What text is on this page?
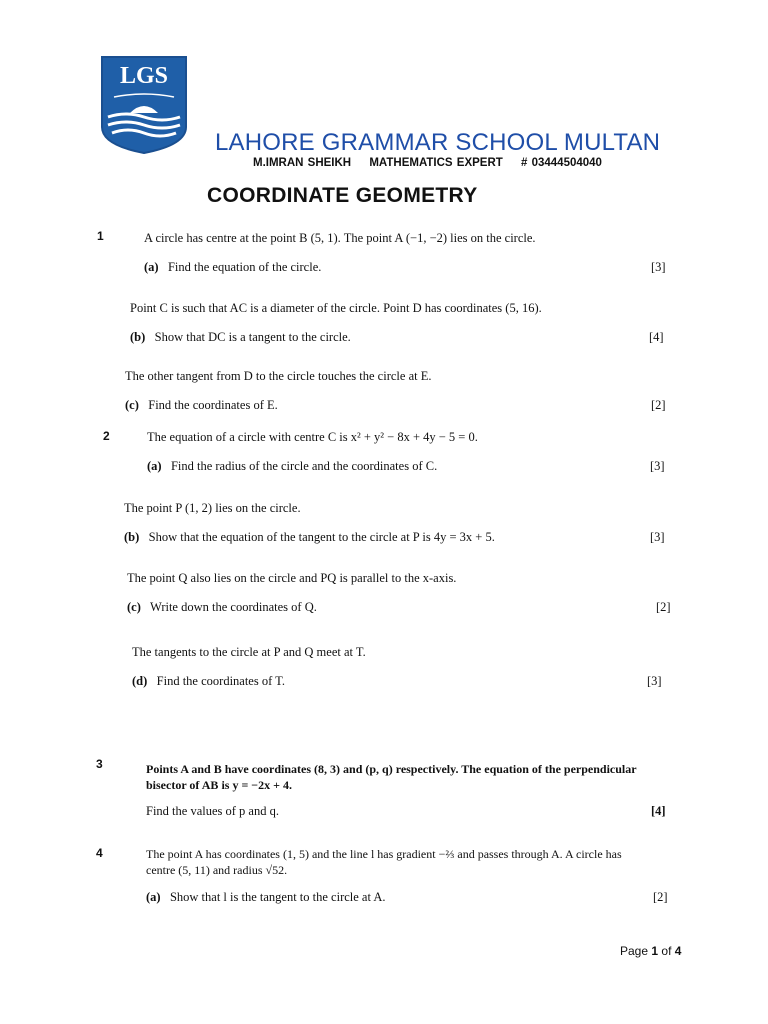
LGS
LAHORE GRAMMAR SCHOOL MULTAN
M.IMRAN SHEIKH MATHEMATICS EXPERT # 03444504040
COORDINATE GEOMETRY
1	A circle has centre at the point B (5, 1). The point A (−1, −2) lies on the circle.
(a) Find the equation of the circle.	[3]
Point C is such that AC is a diameter of the circle. Point D has coordinates (5, 16).
(b) Show that DC is a tangent to the circle.	[4]
The other tangent from D to the circle touches the circle at E.
(c) Find the coordinates of E.	[2]
2	The equation of a circle with centre C is x² + y² − 8x + 4y − 5 = 0.
(a) Find the radius of the circle and the coordinates of C.	[3]
The point P (1, 2) lies on the circle.
(b) Show that the equation of the tangent to the circle at P is 4y = 3x + 5.	[3]
The point Q also lies on the circle and PQ is parallel to the x-axis.
(c) Write down the coordinates of Q.	[2]
The tangents to the circle at P and Q meet at T.
(d) Find the coordinates of T.	[3]
3	Points A and B have coordinates (8, 3) and (p, q) respectively. The equation of the perpendicular
bisector of AB is y = −2x + 4.
Find the values of p and q.	[4]
4	The point A has coordinates (1, 5) and the line l has gradient −⅔ and passes through A. A circle has
centre (5, 11) and radius √52.
(a) Show that l is the tangent to the circle at A.	[2]
Page 1 of 4
